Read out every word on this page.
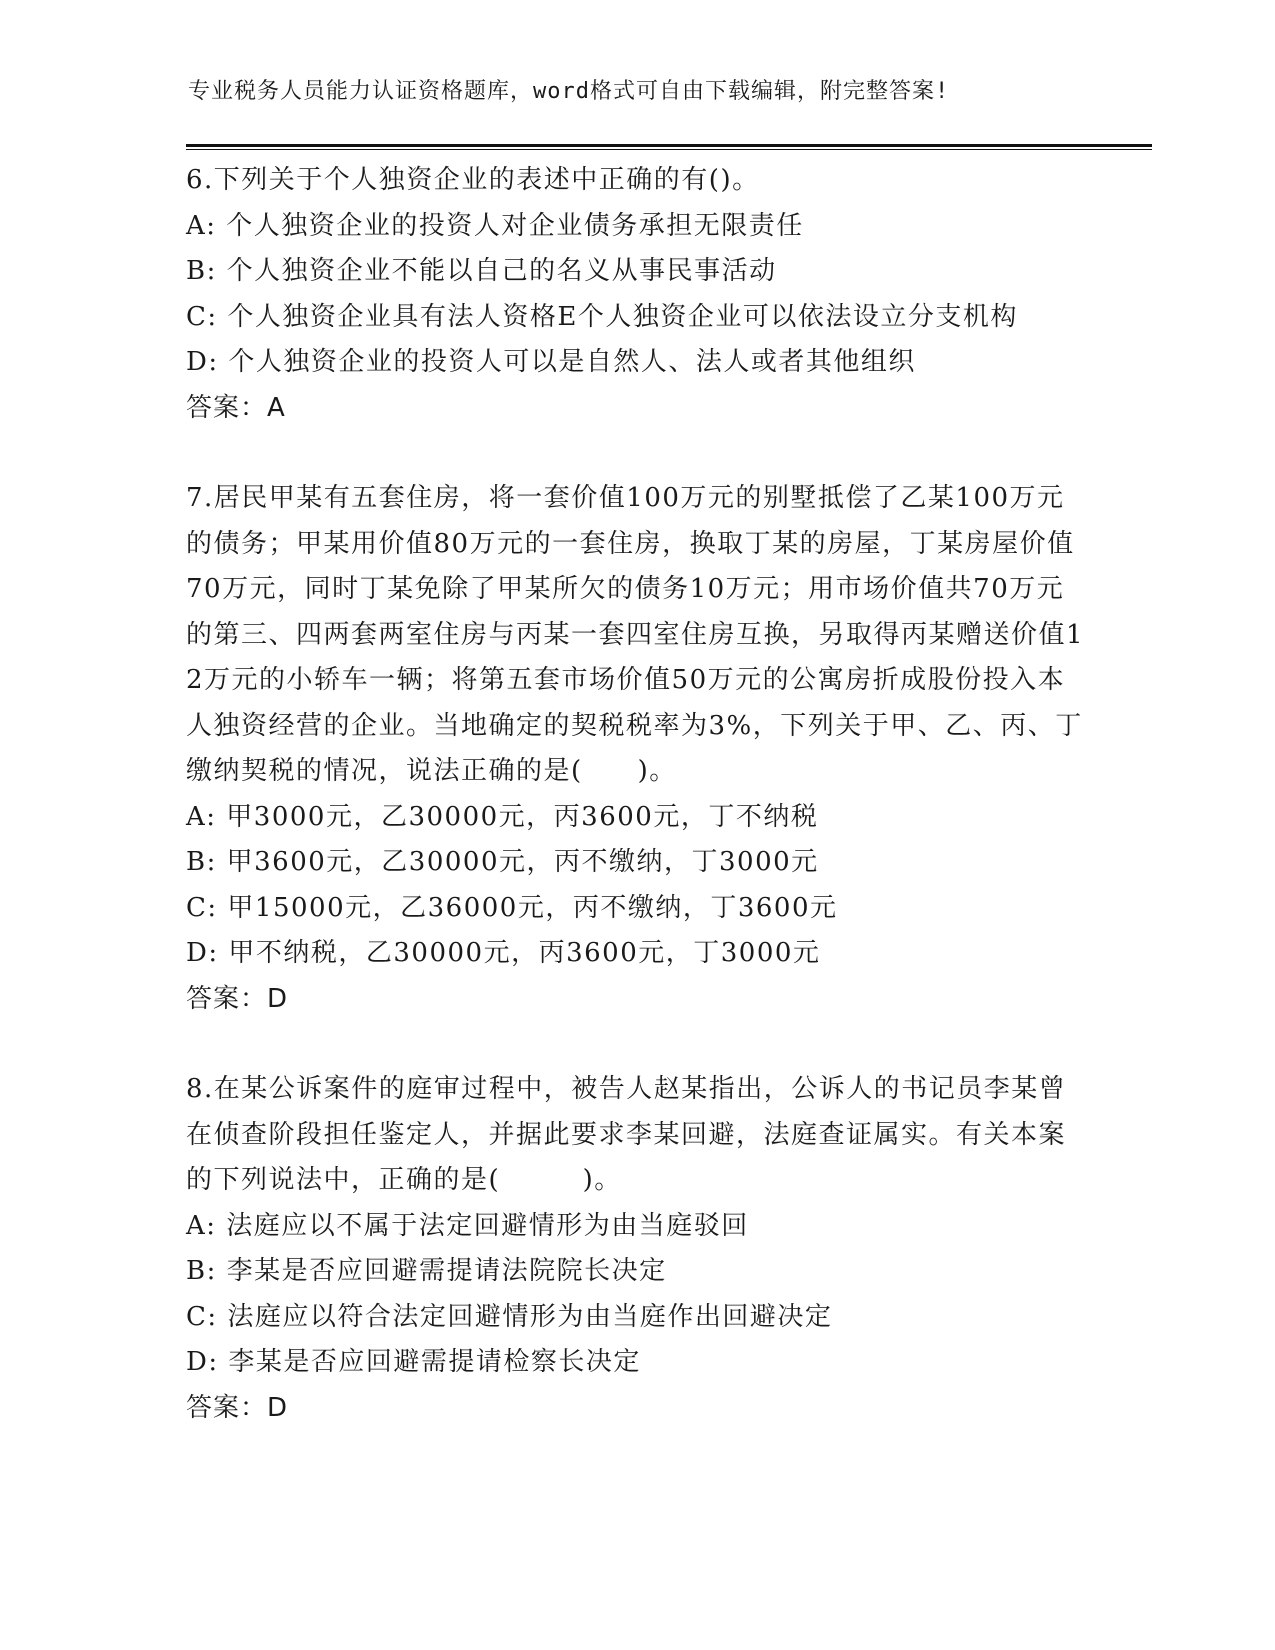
专业税务人员能力认证资格题库，word格式可自由下载编辑，附完整答案!

6.下列关于个人独资企业的表述中正确的有()。

A: 个人独资企业的投资人对企业债务承担无限责任

B: 个人独资企业不能以自己的名义从事民事活动

C: 个人独资企业具有法人资格E个人独资企业可以依法设立分支机构

D: 个人独资企业的投资人可以是自然人、法人或者其他组织

答案：A

7.居民甲某有五套住房，将一套价值100万元的别墅抵偿了乙某100万元的债务；甲某用价值80万元的一套住房，换取丁某的房屋，丁某房屋价值70万元，同时丁某免除了甲某所欠的债务10万元；用市场价值共70万元的第三、四两套两室住房与丙某一套四室住房互换，另取得丙某赠送价值12万元的小轿车一辆；将第五套市场价值50万元的公寓房折成股份投入本人独资经营的企业。当地确定的契税税率为3%，下列关于甲、乙、丙、丁缴纳契税的情况，说法正确的是(　　)。

A: 甲3000元，乙30000元，丙3600元，丁不纳税

B: 甲3600元，乙30000元，丙不缴纳，丁3000元

C: 甲15000元，乙36000元，丙不缴纳，丁3600元

D: 甲不纳税，乙30000元，丙3600元，丁3000元

答案：D

8.在某公诉案件的庭审过程中，被告人赵某指出，公诉人的书记员李某曾在侦查阶段担任鉴定人，并据此要求李某回避，法庭查证属实。有关本案的下列说法中，正确的是(　　　)。

A: 法庭应以不属于法定回避情形为由当庭驳回

B: 李某是否应回避需提请法院院长决定

C: 法庭应以符合法定回避情形为由当庭作出回避决定

D: 李某是否应回避需提请检察长决定

答案：D
